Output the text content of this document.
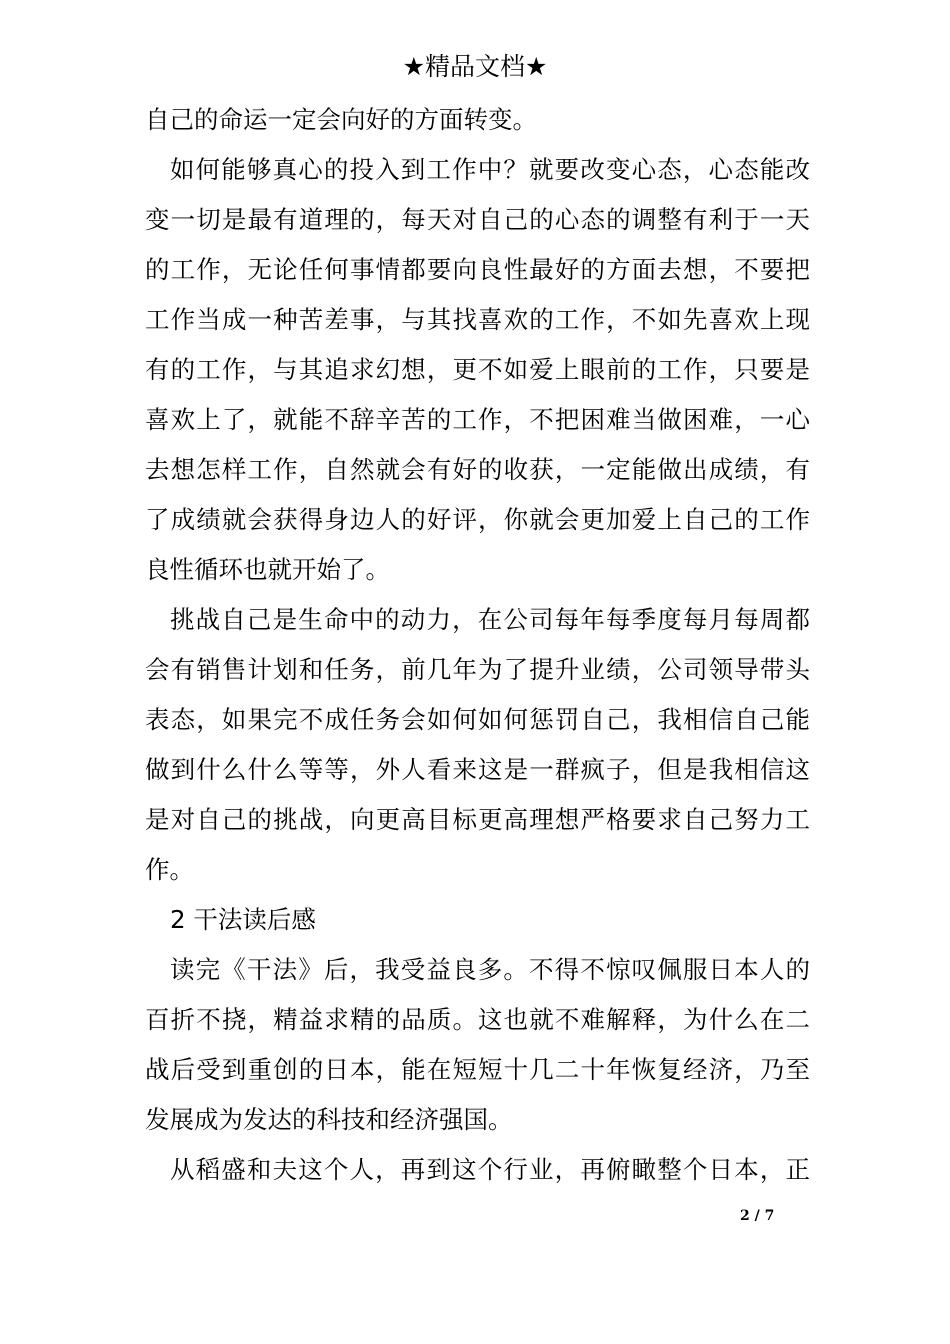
★精品文档★
自己的命运一定会向好的方面转变。
如何能够真心的投入到工作中？就要改变心态，心态能改
变一切是最有道理的，每天对自己的心态的调整有利于一天
的工作，无论任何事情都要向良性最好的方面去想，不要把
工作当成一种苦差事，与其找喜欢的工作，不如先喜欢上现
有的工作，与其追求幻想，更不如爱上眼前的工作，只要是
喜欢上了，就能不辞辛苦的工作，不把困难当做困难，一心
去想怎样工作，自然就会有好的收获，一定能做出成绩，有
了成绩就会获得身边人的好评，你就会更加爱上自己的工作
良性循环也就开始了。
挑战自己是生命中的动力，在公司每年每季度每月每周都
会有销售计划和任务，前几年为了提升业绩，公司领导带头
表态，如果完不成任务会如何如何惩罚自己，我相信自己能
做到什么什么等等，外人看来这是一群疯子，但是我相信这
是对自己的挑战，向更高目标更高理想严格要求自己努力工
作。
2 干法读后感
读完《干法》后，我受益良多。不得不惊叹佩服日本人的
百折不挠，精益求精的品质。这也就不难解释，为什么在二
战后受到重创的日本，能在短短十几二十年恢复经济，乃至
发展成为发达的科技和经济强国。
从稻盛和夫这个人，再到这个行业，再俯瞰整个日本，正
2 / 7
